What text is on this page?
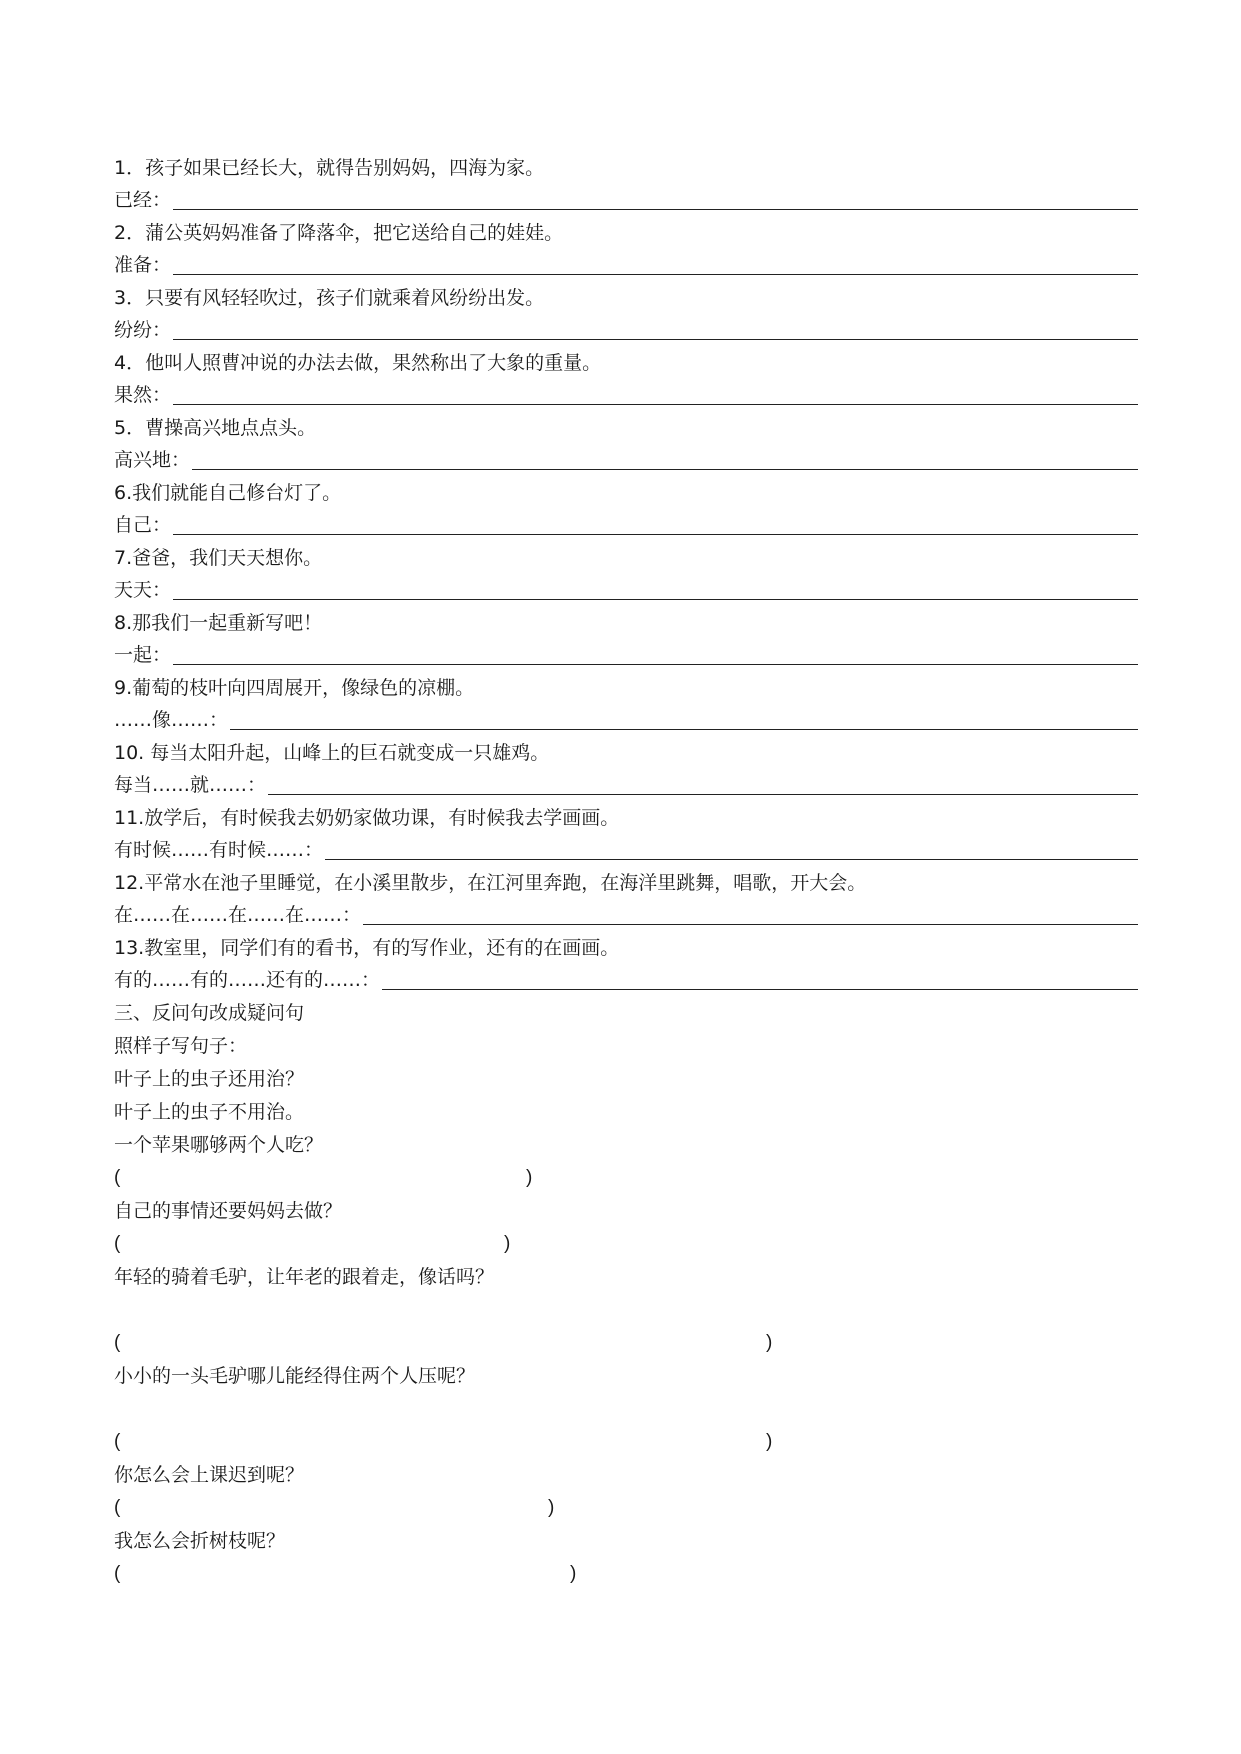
1．孩子如果已经长大，就得告别妈妈，四海为家。
已经：
2．蒲公英妈妈准备了降落伞，把它送给自己的娃娃。
准备：
3．只要有风轻轻吹过，孩子们就乘着风纷纷出发。
纷纷：
4．他叫人照曹冲说的办法去做，果然称出了大象的重量。
果然：
5．曹操高兴地点点头。
高兴地：
6.我们就能自己修台灯了。
自己：
7.爸爸，我们天天想你。
天天：
8.那我们一起重新写吧！
一起：
9.葡萄的枝叶向四周展开，像绿色的凉棚。
……像……：
10. 每当太阳升起，山峰上的巨石就变成一只雄鸡。
每当……就……：
11.放学后，有时候我去奶奶家做功课，有时候我去学画画。
有时候……有时候……：
12.平常水在池子里睡觉，在小溪里散步，在江河里奔跑，在海洋里跳舞，唱歌，开大会。
在……在……在……在……：
13.教室里，同学们有的看书，有的写作业，还有的在画画。
有的……有的……还有的……：
三、反问句改成疑问句
照样子写句子：
叶子上的虫子还用治？
叶子上的虫子不用治。
一个苹果哪够两个人吃？
(	)
自己的事情还要妈妈去做？
(	)
年轻的骑着毛驴，让年老的跟着走，像话吗？
(	)
小小的一头毛驴哪儿能经得住两个人压呢？
(	)
你怎么会上课迟到呢？
(	)
我怎么会折树枝呢？
(	)
